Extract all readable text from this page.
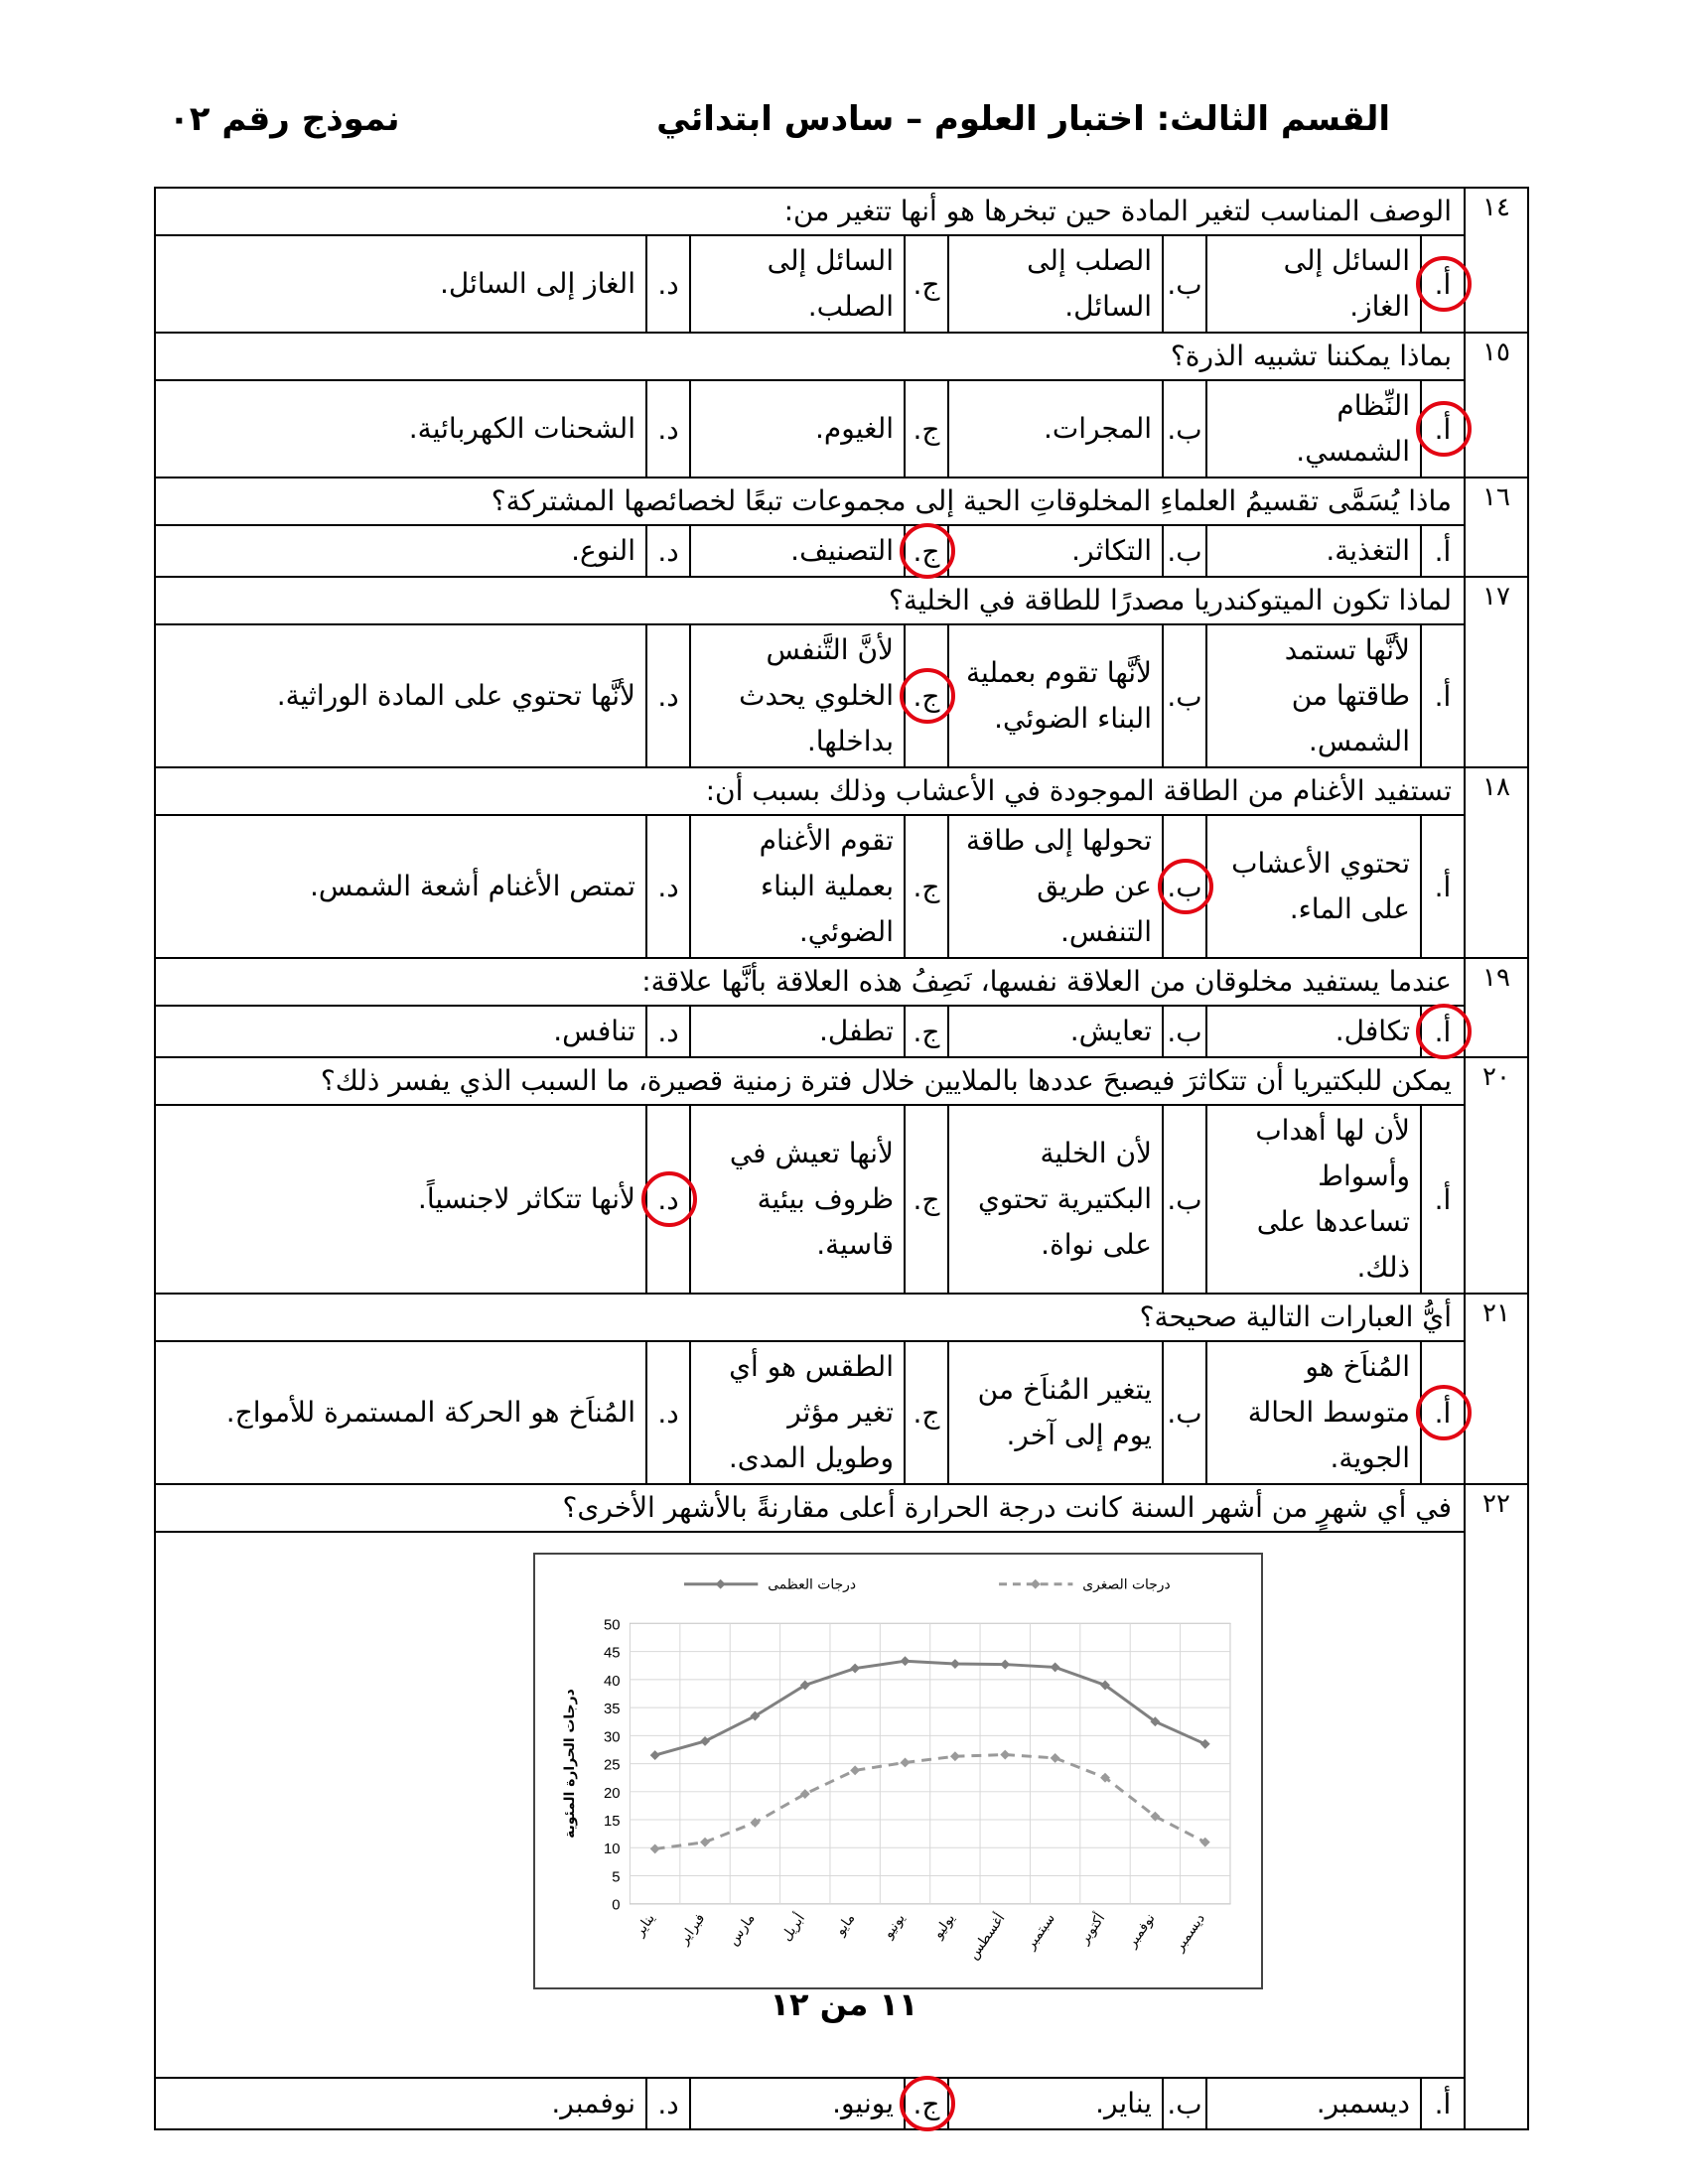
القسم الثالث: اختبار العلوم – سادس ابتدائي
نموذج رقم ٠٢
١٤
الوصف المناسب لتغير المادة حين تبخرها هو أنها تتغير من:
أ.
السائل إلى الغاز.
ب.
الصلب إلى السائل.
ج.
السائل إلى الصلب.
د.
الغاز إلى السائل.
١٥
بماذا يمكننا تشبيه الذرة؟
أ.
النِّظام الشمسي.
ب.
المجرات.
ج.
الغيوم.
د.
الشحنات الكهربائية.
١٦
ماذا يُسَمَّى تقسيمُ العلماءِ المخلوقاتِ الحية إلى مجموعات تبعًا لخصائصها المشتركة؟
أ.
التغذية.
ب.
التكاثر.
ج.
التصنيف.
د.
النوع.
١٧
لماذا تكون الميتوكندريا مصدرًا للطاقة في الخلية؟
أ.
لأنَّها تستمد طاقتها من الشمس.
ب.
لأنَّها تقوم بعملية البناء الضوئي.
ج.
لأنَّ التَّنفس الخلوي يحدث بداخلها.
د.
لأنَّها تحتوي على المادة الوراثية.
١٨
تستفيد الأغنام من الطاقة الموجودة في الأعشاب وذلك بسبب أن:
أ.
تحتوي الأعشاب على الماء.
ب.
تحولها إلى طاقة عن طريق التنفس.
ج.
تقوم الأغنام بعملية البناء الضوئي.
د.
تمتص الأغنام أشعة الشمس.
١٩
عندما يستفيد مخلوقان من العلاقة نفسها، نَصِفُ هذه العلاقة بأنَّها علاقة:
أ.
تكافل.
ب.
تعايش.
ج.
تطفل.
د.
تنافس.
٢٠
يمكن للبكتيريا أن تتكاثرَ فيصبحَ عددها بالملايين خلال فترة زمنية قصيرة، ما السبب الذي يفسر ذلك؟
أ.
لأن لها أهداب وأسواط تساعدها على ذلك.
ب.
لأن الخلية البكتيرية تحتوي على نواة.
ج.
لأنها تعيش في ظروف بيئية قاسية.
د.
لأنها تتكاثر لاجنسياً.
٢١
أيُّ العبارات التالية صحيحة؟
أ.
المُناَخ هو متوسط الحالة الجوية.
ب.
يتغير المُناَخ من يوم إلى آخر.
ج.
الطقس هو أي تغير مؤثر وطويل المدى.
د.
المُناَخ هو الحركة المستمرة للأمواج.
٢٢
في أي شهرٍ من أشهر السنة كانت درجة الحرارة أعلى مقارنةً بالأشهر الأخرى؟
0
5
10
15
20
25
30
35
40
45
50
يناير فبراير مارس أبريل مايو يونيو يوليو أغسطس سبتمبر أكتوبر نوفمبر ديسمبر
درجات الحرارة المئوية
درجات العظمى	درجات الصغرى
أ.
ديسمبر.
ب.
يناير.
ج.
يونيو.
د.
نوفمبر.
١١ من ١٢
